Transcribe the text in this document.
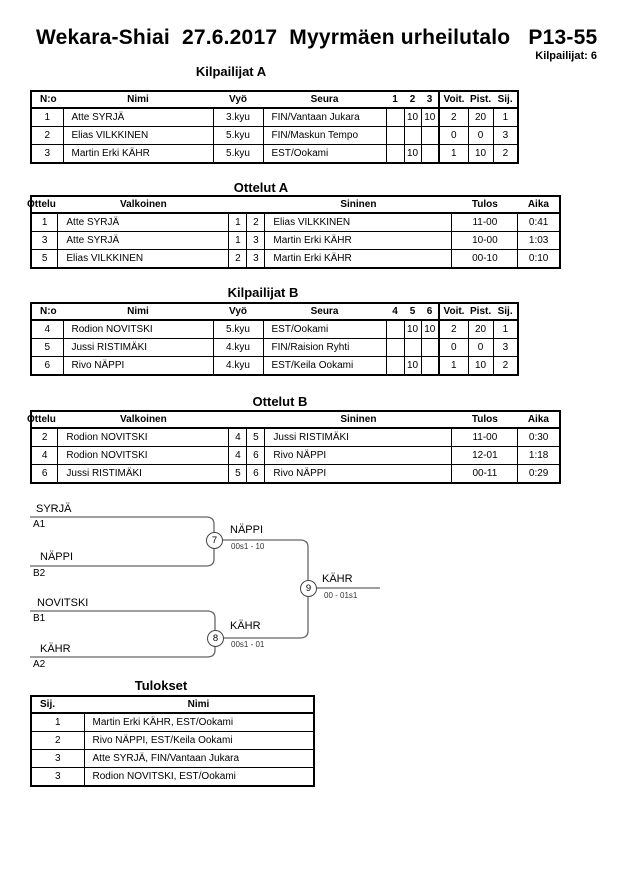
Wekara-Shiai  27.6.2017  Myyrmäen urheilutalo   P13-55
Kilpailijat: 6
Kilpailijat A
N:o	Nimi	Vyö	Seura	1	2	3	Voit.	Pist.	Sij.
1	Atte SYRJÄ	3.kyu	FIN/Vantaan Jukara		10	10	2	20	1
2	Elias VILKKINEN	5.kyu	FIN/Maskun Tempo				0	0	3
3	Martin Erki KÄHR	5.kyu	EST/Ookami		10		1	10	2
Ottelut A
Ottelu	Valkoinen			Sininen	Tulos	Aika
1	Atte SYRJÄ	1	2	Elias VILKKINEN	11-00	0:41
3	Atte SYRJÄ	1	3	Martin Erki KÄHR	10-00	1:03
5	Elias VILKKINEN	2	3	Martin Erki KÄHR	00-10	0:10
Kilpailijat B
N:o	Nimi	Vyö	Seura	4	5	6	Voit.	Pist.	Sij.
4	Rodion NOVITSKI	5.kyu	EST/Ookami		10	10	2	20	1
5	Jussi RISTIMÄKI	4.kyu	FIN/Raision Ryhti				0	0	3
6	Rivo NÄPPI	4.kyu	EST/Keila Ookami		10		1	10	2
Ottelut B
Ottelu	Valkoinen			Sininen	Tulos	Aika
2	Rodion NOVITSKI	4	5	Jussi RISTIMÄKI	11-00	0:30
4	Rodion NOVITSKI	4	6	Rivo NÄPPI	12-01	1:18
6	Jussi RISTIMÄKI	5	6	Rivo NÄPPI	00-11	0:29
SYRJÄ
A1
NÄPPI
B2
NOVITSKI
B1
KÄHR
A2
7
NÄPPI
00s1 - 10
8
KÄHR
00s1 - 01
9
KÄHR
00 - 01s1
Tulokset
Sij.	Nimi
1	Martin Erki KÄHR, EST/Ookami
2	Rivo NÄPPI, EST/Keila Ookami
3	Atte SYRJÄ, FIN/Vantaan Jukara
3	Rodion NOVITSKI, EST/Ookami
